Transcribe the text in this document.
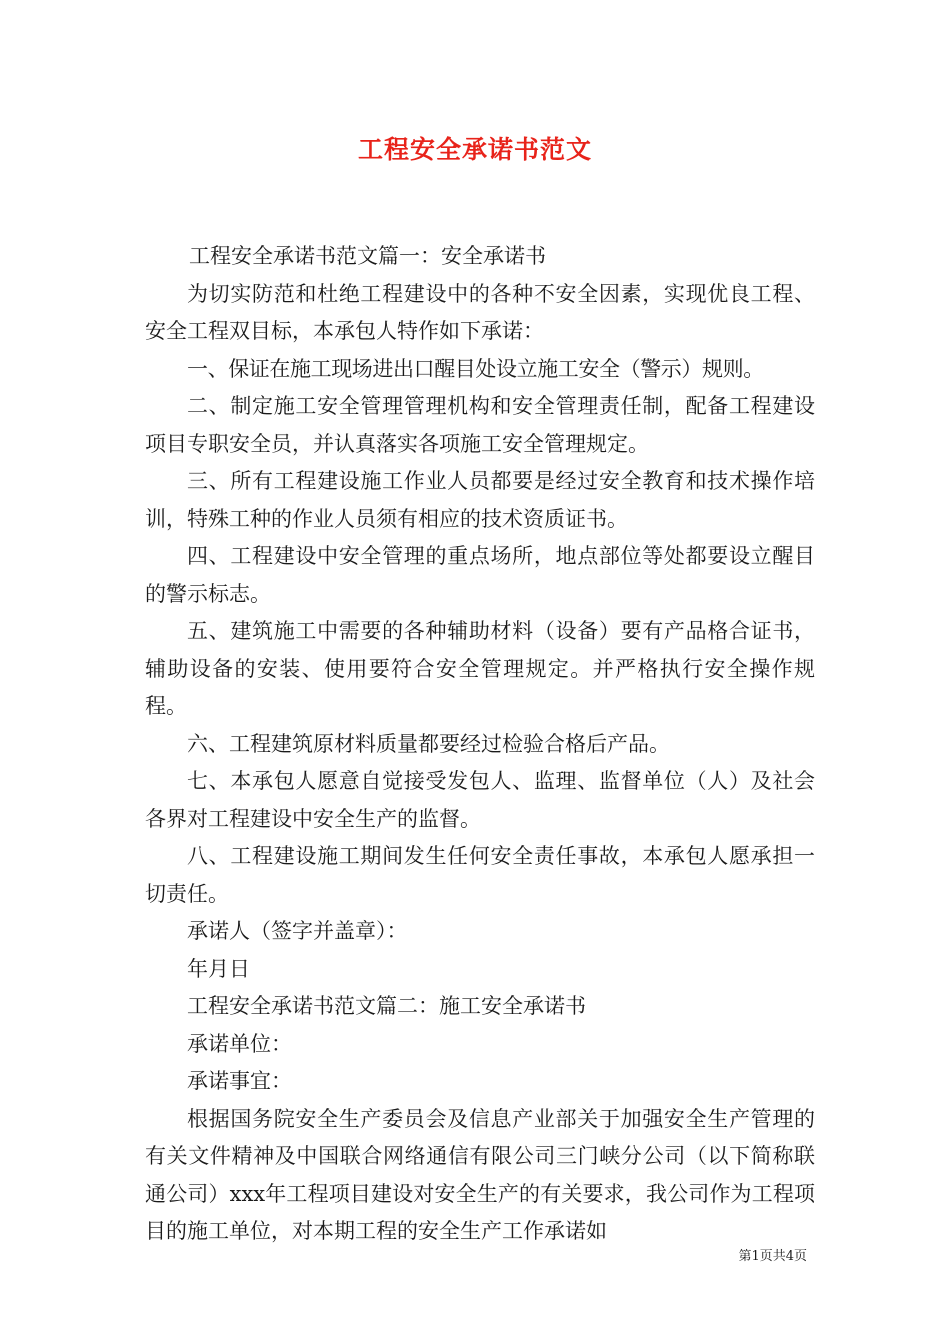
工程安全承诺书范文

工程安全承诺书范文篇一：安全承诺书

为切实防范和杜绝工程建设中的各种不安全因素，实现优良工程、安全工程双目标，本承包人特作如下承诺：

一、保证在施工现场进出口醒目处设立施工安全（警示）规则。

二、制定施工安全管理管理机构和安全管理责任制，配备工程建设项目专职安全员，并认真落实各项施工安全管理规定。

三、所有工程建设施工作业人员都要是经过安全教育和技术操作培训，特殊工种的作业人员须有相应的技术资质证书。

四、工程建设中安全管理的重点场所，地点部位等处都要设立醒目的警示标志。

五、建筑施工中需要的各种辅助材料（设备）要有产品格合证书，辅助设备的安装、使用要符合安全管理规定。并严格执行安全操作规程。

六、工程建筑原材料质量都要经过检验合格后产品。

七、本承包人愿意自觉接受发包人、监理、监督单位（人）及社会各界对工程建设中安全生产的监督。

八、工程建设施工期间发生任何安全责任事故，本承包人愿承担一切责任。

承诺人（签字并盖章）：

年月日

工程安全承诺书范文篇二：施工安全承诺书

承诺单位：

承诺事宜：

根据国务院安全生产委员会及信息产业部关于加强安全生产管理的有关文件精神及中国联合网络通信有限公司三门峡分公司（以下简称联通公司）xxx年工程项目建设对安全生产的有关要求，我公司作为工程项目的施工单位，对本期工程的安全生产工作承诺如

第1页共4页
